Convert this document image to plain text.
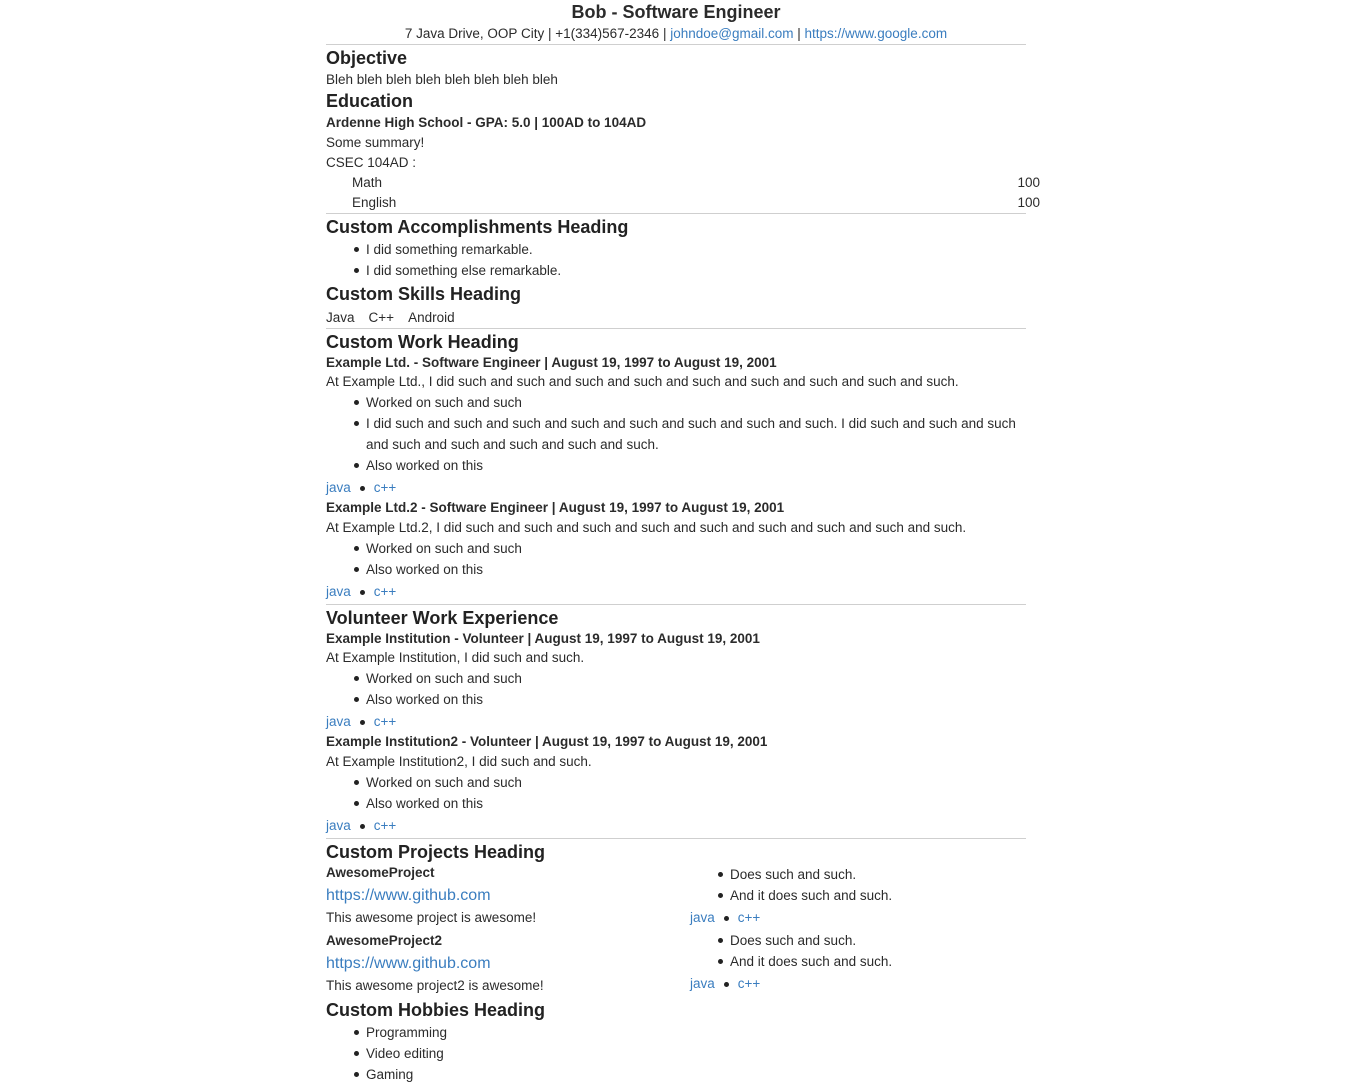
Bob - Software Engineer
7 Java Drive, OOP City | +1(334)567-2346 | johndoe@gmail.com | https://www.google.com
Objective
Bleh bleh bleh bleh bleh bleh bleh bleh
Education
Ardenne High School - GPA: 5.0 | 100AD to 104AD
Some summary!
CSEC 104AD :
Math	100
English	100
Custom Accomplishments Heading
I did something remarkable.
I did something else remarkable.
Custom Skills Heading
Java C++ Android
Custom Work Heading
Example Ltd. - Software Engineer | August 19, 1997 to August 19, 2001
At Example Ltd., I did such and such and such and such and such and such and such and such and such.
Worked on such and such
I did such and such and such and such and such and such and such and such. I did such and such and such and such and such and such and such and such.
Also worked on this
java c++
Example Ltd.2 - Software Engineer | August 19, 1997 to August 19, 2001
At Example Ltd.2, I did such and such and such and such and such and such and such and such and such.
Worked on such and such
Also worked on this
java c++
Volunteer Work Experience
Example Institution - Volunteer | August 19, 1997 to August 19, 2001
At Example Institution, I did such and such.
Worked on such and such
Also worked on this
java c++
Example Institution2 - Volunteer | August 19, 1997 to August 19, 2001
At Example Institution2, I did such and such.
Worked on such and such
Also worked on this
java c++
Custom Projects Heading
AwesomeProject
https://www.github.com
This awesome project is awesome!
Does such and such.
And it does such and such.
java c++
AwesomeProject2
https://www.github.com
This awesome project2 is awesome!
Does such and such.
And it does such and such.
java c++
Custom Hobbies Heading
Programming
Video editing
Gaming
